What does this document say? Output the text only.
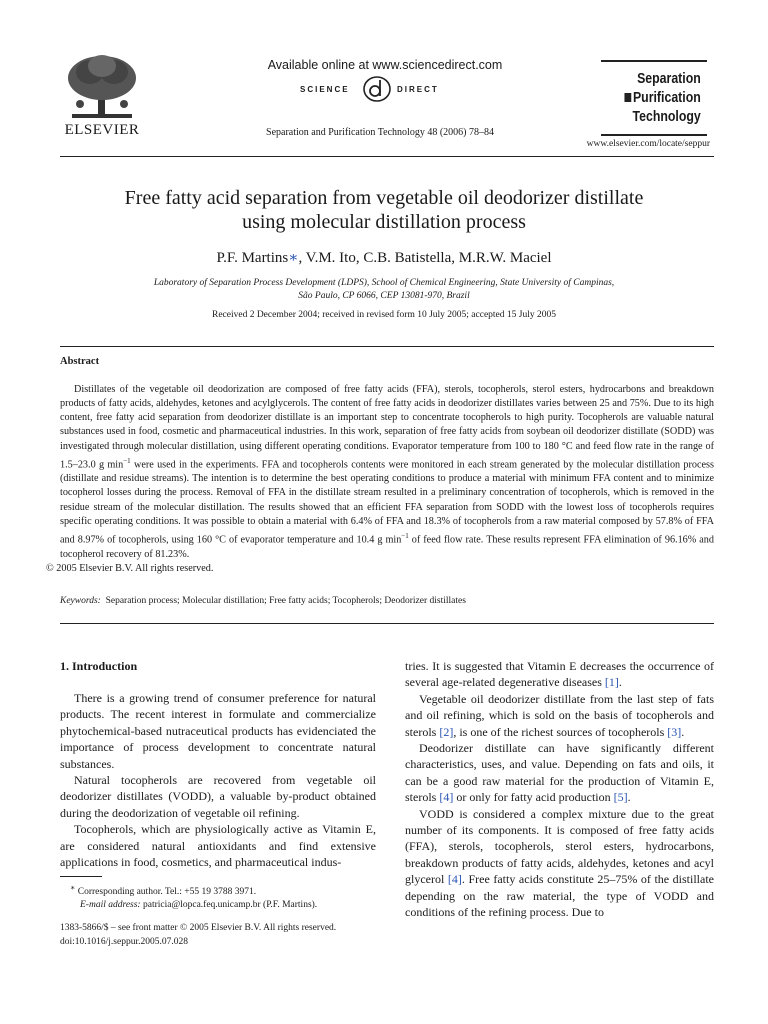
ELSEVIER
Available online at www.sciencedirect.com
SCIENCE	DIRECT
Separation and Purification Technology 48 (2006) 78–84
Separation
Purification
Technology
www.elsevier.com/locate/seppur
Free fatty acid separation from vegetable oil deodorizer distillate
using molecular distillation process
P.F. Martins∗, V.M. Ito, C.B. Batistella, M.R.W. Maciel
Laboratory of Separation Process Development (LDPS), School of Chemical Engineering, State University of Campinas,
São Paulo, CP 6066, CEP 13081-970, Brazil
Received 2 December 2004; received in revised form 10 July 2005; accepted 15 July 2005
Abstract
Distillates of the vegetable oil deodorization are composed of free fatty acids (FFA), sterols, tocopherols, sterol esters, hydrocarbons and breakdown products of fatty acids, aldehydes, ketones and acylglycerols. The content of free fatty acids in deodorizer distillates varies between 25 and 75%. Due to its high content, free fatty acid separation from deodorizer distillate is an important step to concentrate tocopherols to high purity. Tocopherols are valuable natural substances used in food, cosmetic and pharmaceutical industries. In this work, separation of free fatty acids from soybean oil deodorizer distillate (SODD) was investigated through molecular distillation, using different operating conditions. Evaporator temperature from 100 to 180 °C and feed flow rate in the range of 1.5–23.0 g $\min^{-1}$ were used in the experiments. FFA and tocopherols contents were monitored in each stream generated by the molecular distillation process (distillate and residue streams). The intention is to determine the best operating conditions to produce a material with minimum FFA content and to minimize tocopherol losses during the process. Removal of FFA in the distillate stream resulted in a preliminary concentration of tocopherols, which is removed in the residue stream of the molecular distillation. The results showed that an efficient FFA separation from SODD with the lowest loss of tocopherols requires specific operating conditions. It was possible to obtain a material with 6.4% of FFA and 18.3% of tocopherols from a raw material composed by 57.8% of FFA and 8.97% of tocopherols, using 160 °C of evaporator temperature and 10.4 g $\min^{-1}$ of feed flow rate. These results represent FFA elimination of 96.16% and tocopherol recovery of 81.23%.
© 2005 Elsevier B.V. All rights reserved.
Keywords: Separation process; Molecular distillation; Free fatty acids; Tocopherols; Deodorizer distillates
1. Introduction

There is a growing trend of consumer preference for natural products. The recent interest in formulate and commercialize phytochemical-based nutraceutical products has evidenciated the importance of process development to concentrate natural substances.

Natural tocopherols are recovered from vegetable oil deodorizer distillates (VODD), a valuable by-product obtained during the deodorization of vegetable oil refining.

Tocopherols, which are physiologically active as Vitamin E, are considered natural antioxidants and find extensive applications in food, cosmetics, and pharmaceutical indus-

tries. It is suggested that Vitamin E decreases the occurrence of several age-related degenerative diseases [1].

Vegetable oil deodorizer distillate from the last step of fats and oil refining, which is sold on the basis of tocopherols and sterols [2], is one of the richest sources of tocopherols [3].

Deodorizer distillate can have significantly different characteristics, uses, and value. Depending on fats and oils, it can be a good raw material for the production of Vitamin E, sterols [4] or only for fatty acid production [5].

VODD is considered a complex mixture due to the great number of its components. It is composed of free fatty acids (FFA), sterols, tocopherols, sterol esters, hydrocarbons, breakdown products of fatty acids, aldehydes, ketones and acyl glycerol [4]. Free fatty acids constitute 25–75% of the distillate depending on the raw material, the type of VODD and conditions of the refining process. Due to

∗ Corresponding author. Tel.: +55 19 3788 3971.
E-mail address: patricia@lopca.feq.unicamp.br (P.F. Martins).
1383-5866/$ – see front matter © 2005 Elsevier B.V. All rights reserved.
doi:10.1016/j.seppur.2005.07.028
